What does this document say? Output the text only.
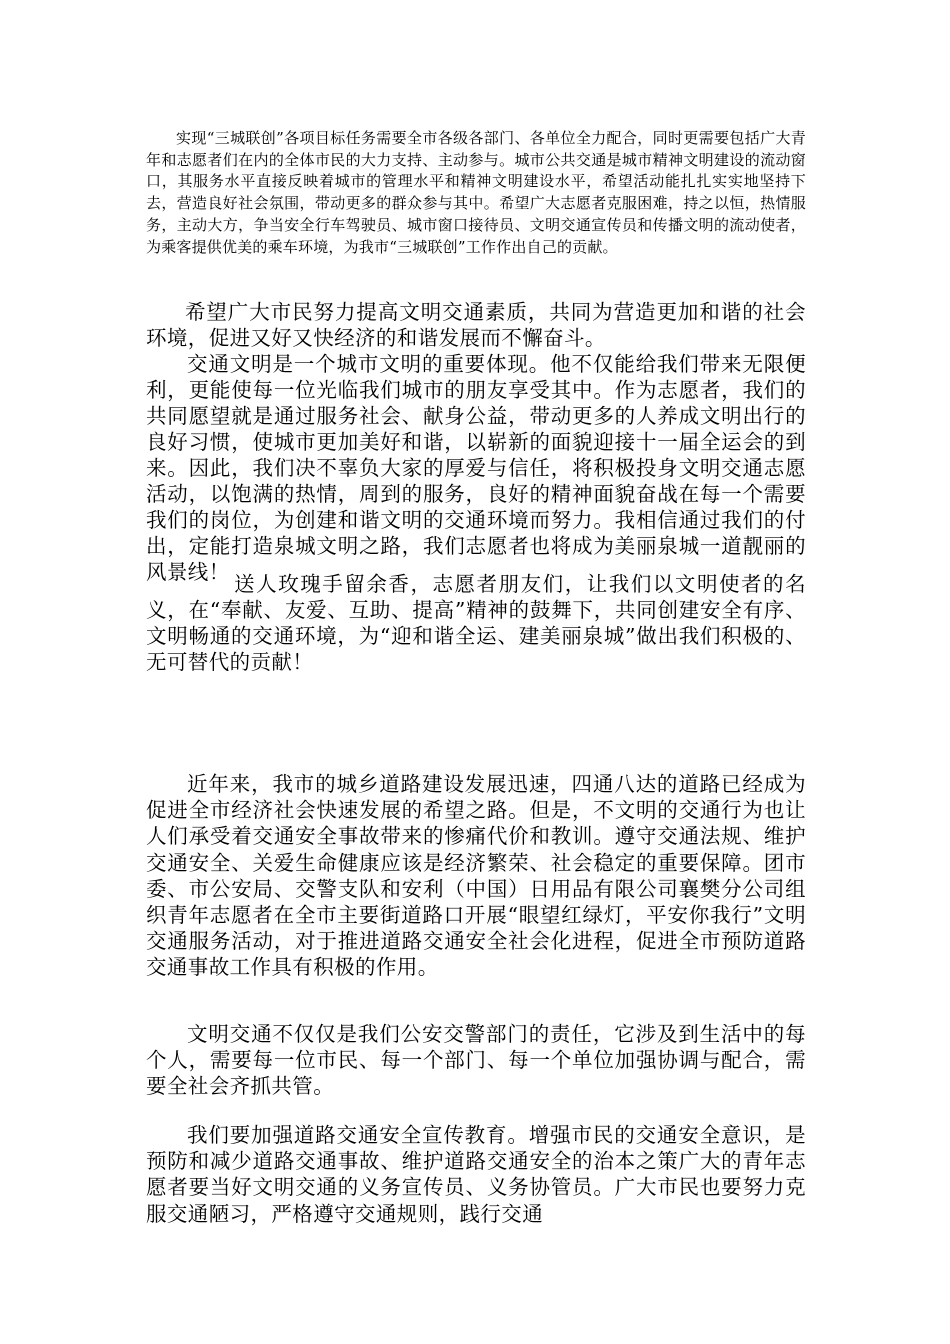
实现“三城联创”各项目标任务需要全市各级各部门、各单位全力配合，同时更需要包括广大青年和志愿者们在内的全体市民的大力支持、主动参与。城市公共交通是城市精神文明建设的流动窗口，其服务水平直接反映着城市的管理水平和精神文明建设水平，希望活动能扎扎实实地坚持下去，营造良好社会氛围，带动更多的群众参与其中。希望广大志愿者克服困难，持之以恒，热情服务，主动大方，争当安全行车驾驶员、城市窗口接待员、文明交通宣传员和传播文明的流动使者，为乘客提供优美的乘车环境，为我市“三城联创”工作作出自己的贡献。

希望广大市民努力提高文明交通素质，共同为营造更加和谐的社会环境，促进又好又快经济的和谐发展而不懈奋斗。

交通文明是一个城市文明的重要体现。他不仅能给我们带来无限便利，更能使每一位光临我们城市的朋友享受其中。作为志愿者，我们的共同愿望就是通过服务社会、献身公益，带动更多的人养成文明出行的良好习惯，使城市更加美好和谐，以崭新的面貌迎接十一届全运会的到来。因此，我们决不辜负大家的厚爱与信任，将积极投身文明交通志愿活动，以饱满的热情，周到的服务，良好的精神面貌奋战在每一个需要我们的岗位，为创建和谐文明的交通环境而努力。我相信通过我们的付出，定能打造泉城文明之路，我们志愿者也将成为美丽泉城一道靓丽的风景线！ 送人玫瑰手留余香，志愿者朋友们，让我们以文明使者的名义，在“奉献、友爱、互助、提高”精神的鼓舞下，共同创建安全有序、文明畅通的交通环境，为“迎和谐全运、建美丽泉城”做出我们积极的、无可替代的贡献！

近年来，我市的城乡道路建设发展迅速，四通八达的道路已经成为促进全市经济社会快速发展的希望之路。但是，不文明的交通行为也让人们承受着交通安全事故带来的惨痛代价和教训。遵守交通法规、维护交通安全、关爱生命健康应该是经济繁荣、社会稳定的重要保障。团市委、市公安局、交警支队和安利（中国）日用品有限公司襄樊分公司组织青年志愿者在全市主要街道路口开展“眼望红绿灯，平安你我行”文明交通服务活动，对于推进道路交通安全社会化进程，促进全市预防道路交通事故工作具有积极的作用。

文明交通不仅仅是我们公安交警部门的责任，它涉及到生活中的每个人，需要每一位市民、每一个部门、每一个单位加强协调与配合，需要全社会齐抓共管。

我们要加强道路交通安全宣传教育。增强市民的交通安全意识，是预防和减少道路交通事故、维护道路交通安全的治本之策广大的青年志愿者要当好文明交通的义务宣传员、义务协管员。广大市民也要努力克服交通陋习，严格遵守交通规则，践行交通
